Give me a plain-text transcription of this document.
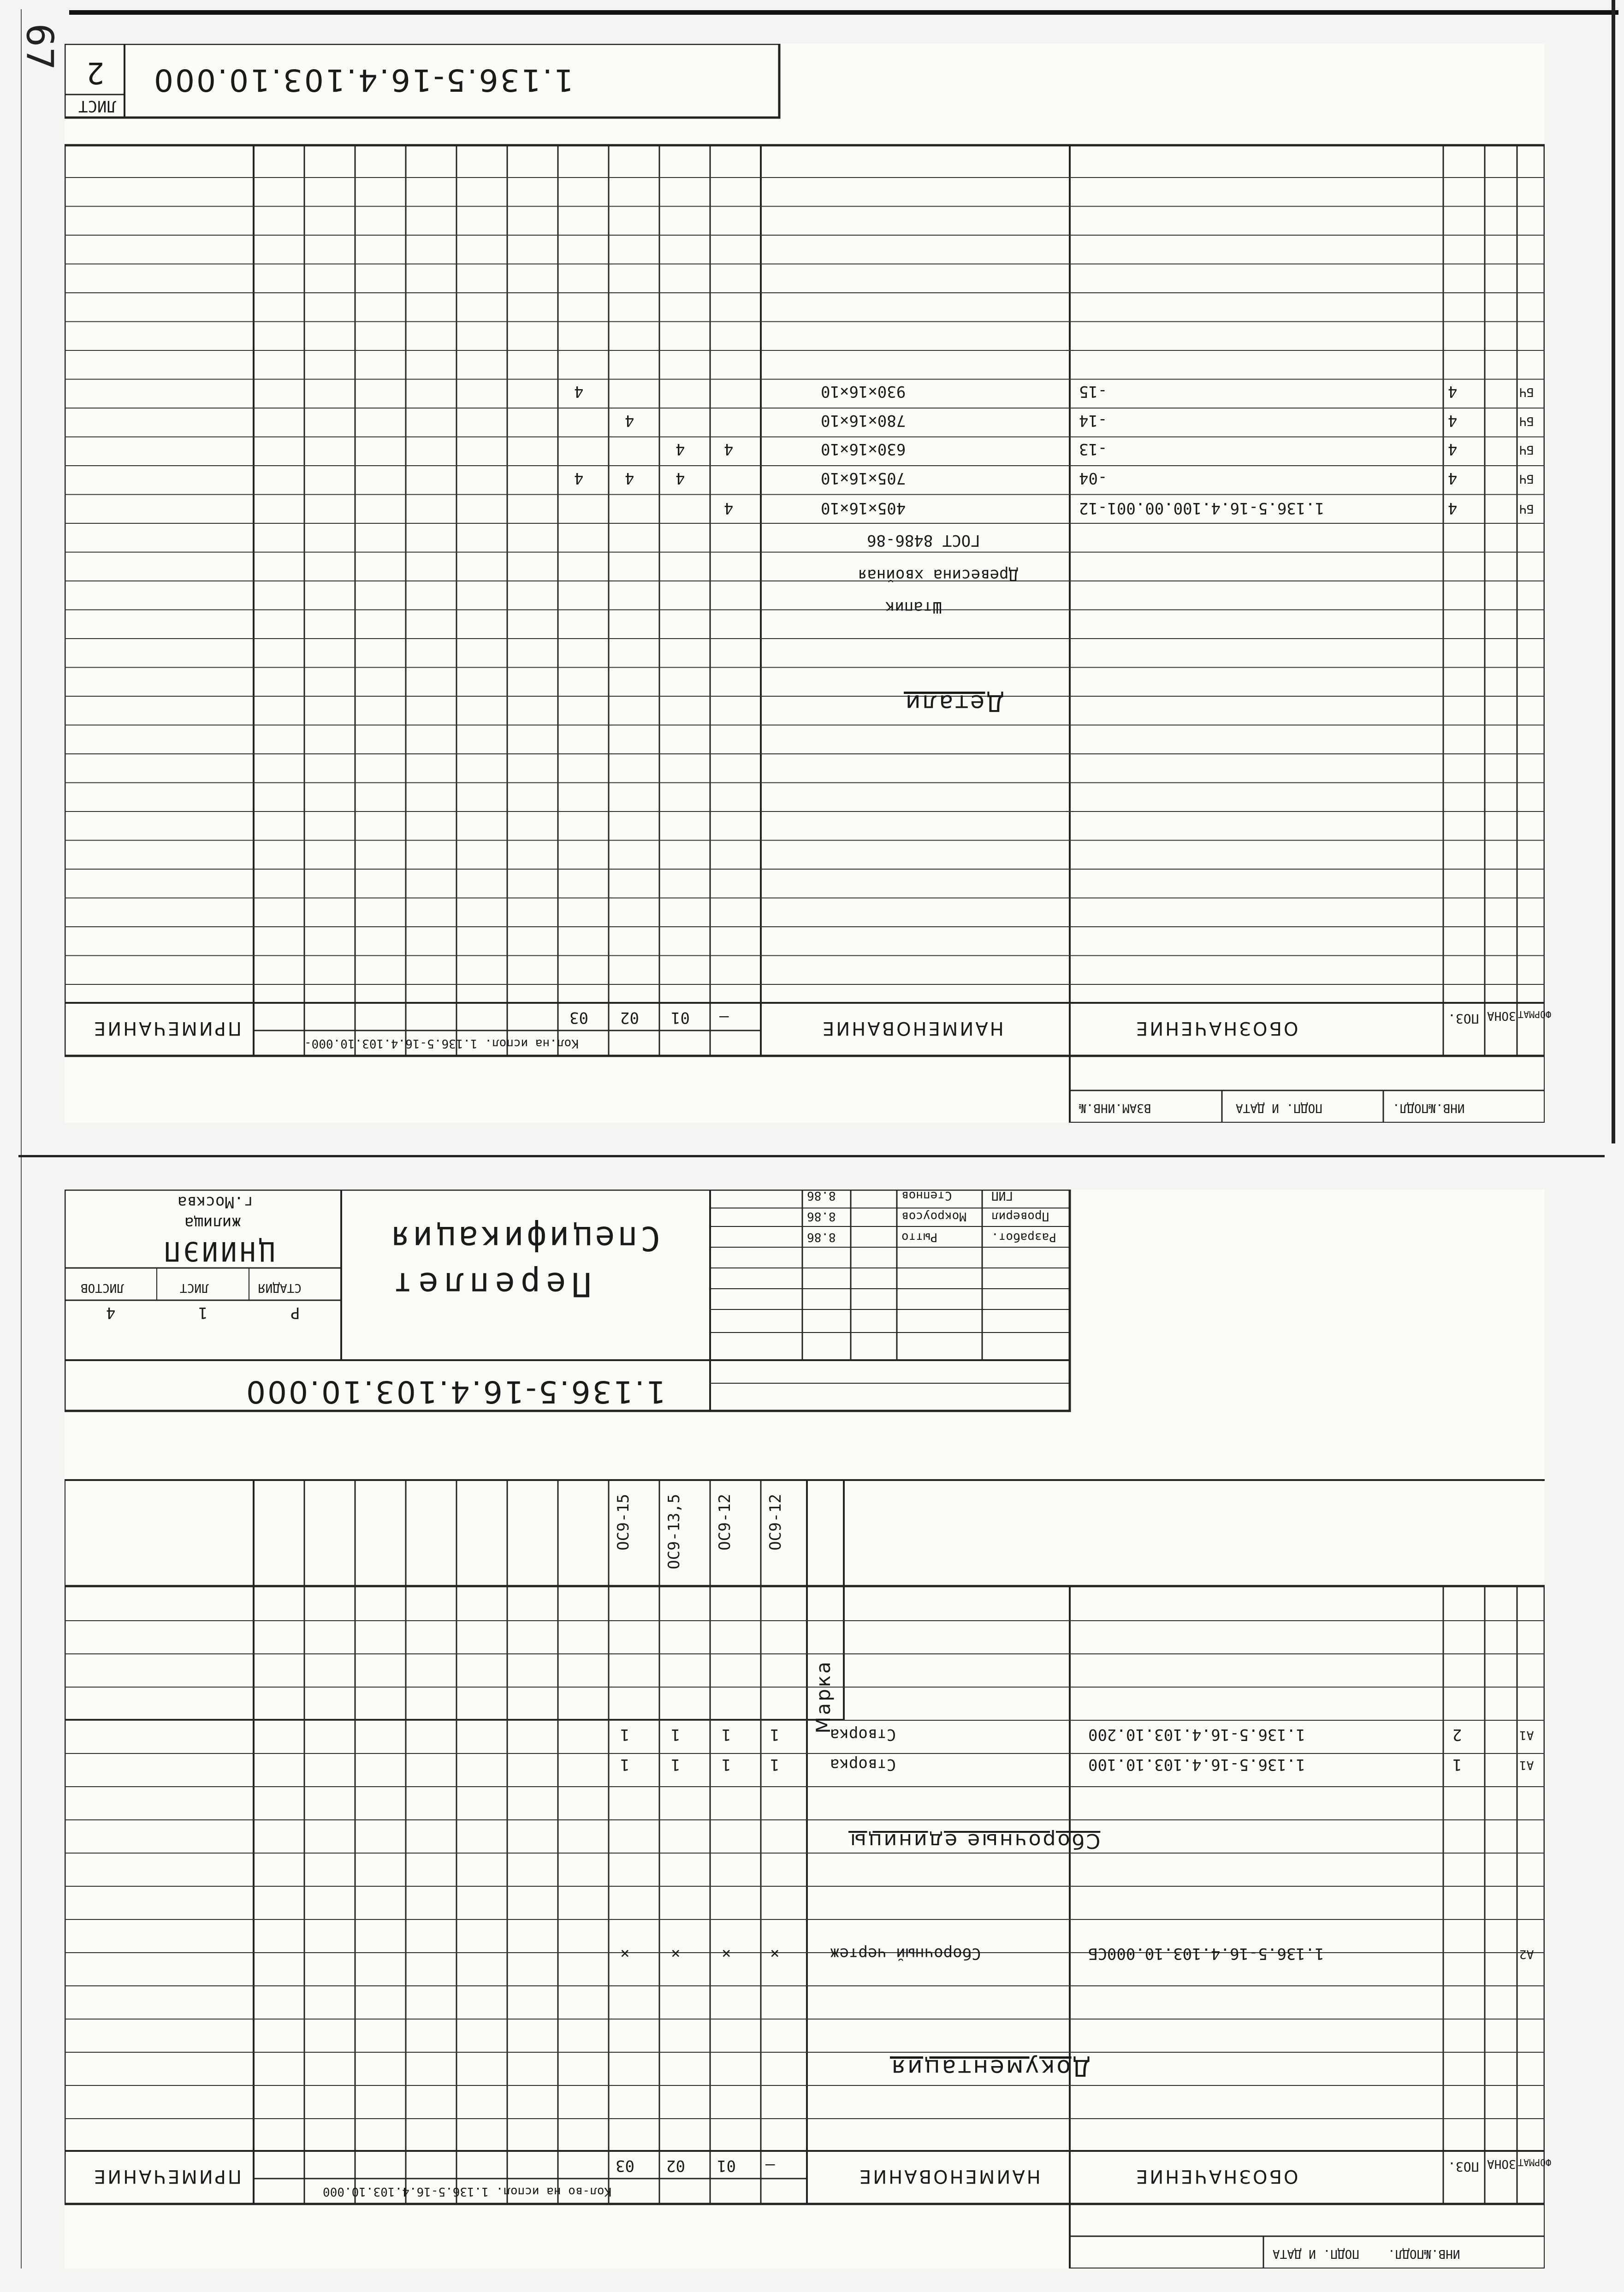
67
1.136.5-16.4.103.10.000
ЛИСТ
2
ОБОЗНАЧЕНИЕ
НАИМЕНОВАНИЕ
ПРИМЕЧАНИЕ
Кол.на испол. 1.136.5-16.4.103.10.000-
ПОЗ. ЗОНА ФОРМАТ
—
01
02
03
ИНВ.№ПОДЛ.
ПОДП. И ДАТА
ВЗАМ.ИНВ.№
Детали
Штапик
Древесина хвойная
ГОСТ 8486-86
БЧ
4
1.136.5-16.4.100.00.001-12
405×16×10
4
БЧ
4
-04
705×16×10
4
4
4
БЧ
4
-13
630×16×10
4
4
БЧ
4
-14
780×16×10
4
БЧ
4
-15
930×16×10
4
1.136.5-16.4.103.10.000
Переплет
Спецификация
СТАДИЯ
ЛИСТ
ЛИСТОВ
Р
1
4
ЦНИИЭП
жилища
г.Москва
Разработ.
Рытто
8.86
Проверил
Мокроусов
8.86
ГИП
Степнов
8.86
Марка
ОС9-12
ОС9-12
ОС9-13,5
ОС9-15
ОБОЗНАЧЕНИЕ
НАИМЕНОВАНИЕ
ПРИМЕЧАНИЕ
Кол-во на испол. 1.136.5-16.4.103.10.000
ПОЗ. ЗОНА ФОРМАТ
—
01
02
03
ИНВ.№ПОДЛ.
ПОДП. И ДАТА
Документация
Сборочные единицы
А2
1.136.5-16.4.103.10.000СБ
Сборочный чертеж
×
×
×
×
А1
1
1.136.5-16.4.103.10.100
Створка
1
1
1
1
А1
2
1.136.5-16.4.103.10.200
Створка
1
1
1
1
